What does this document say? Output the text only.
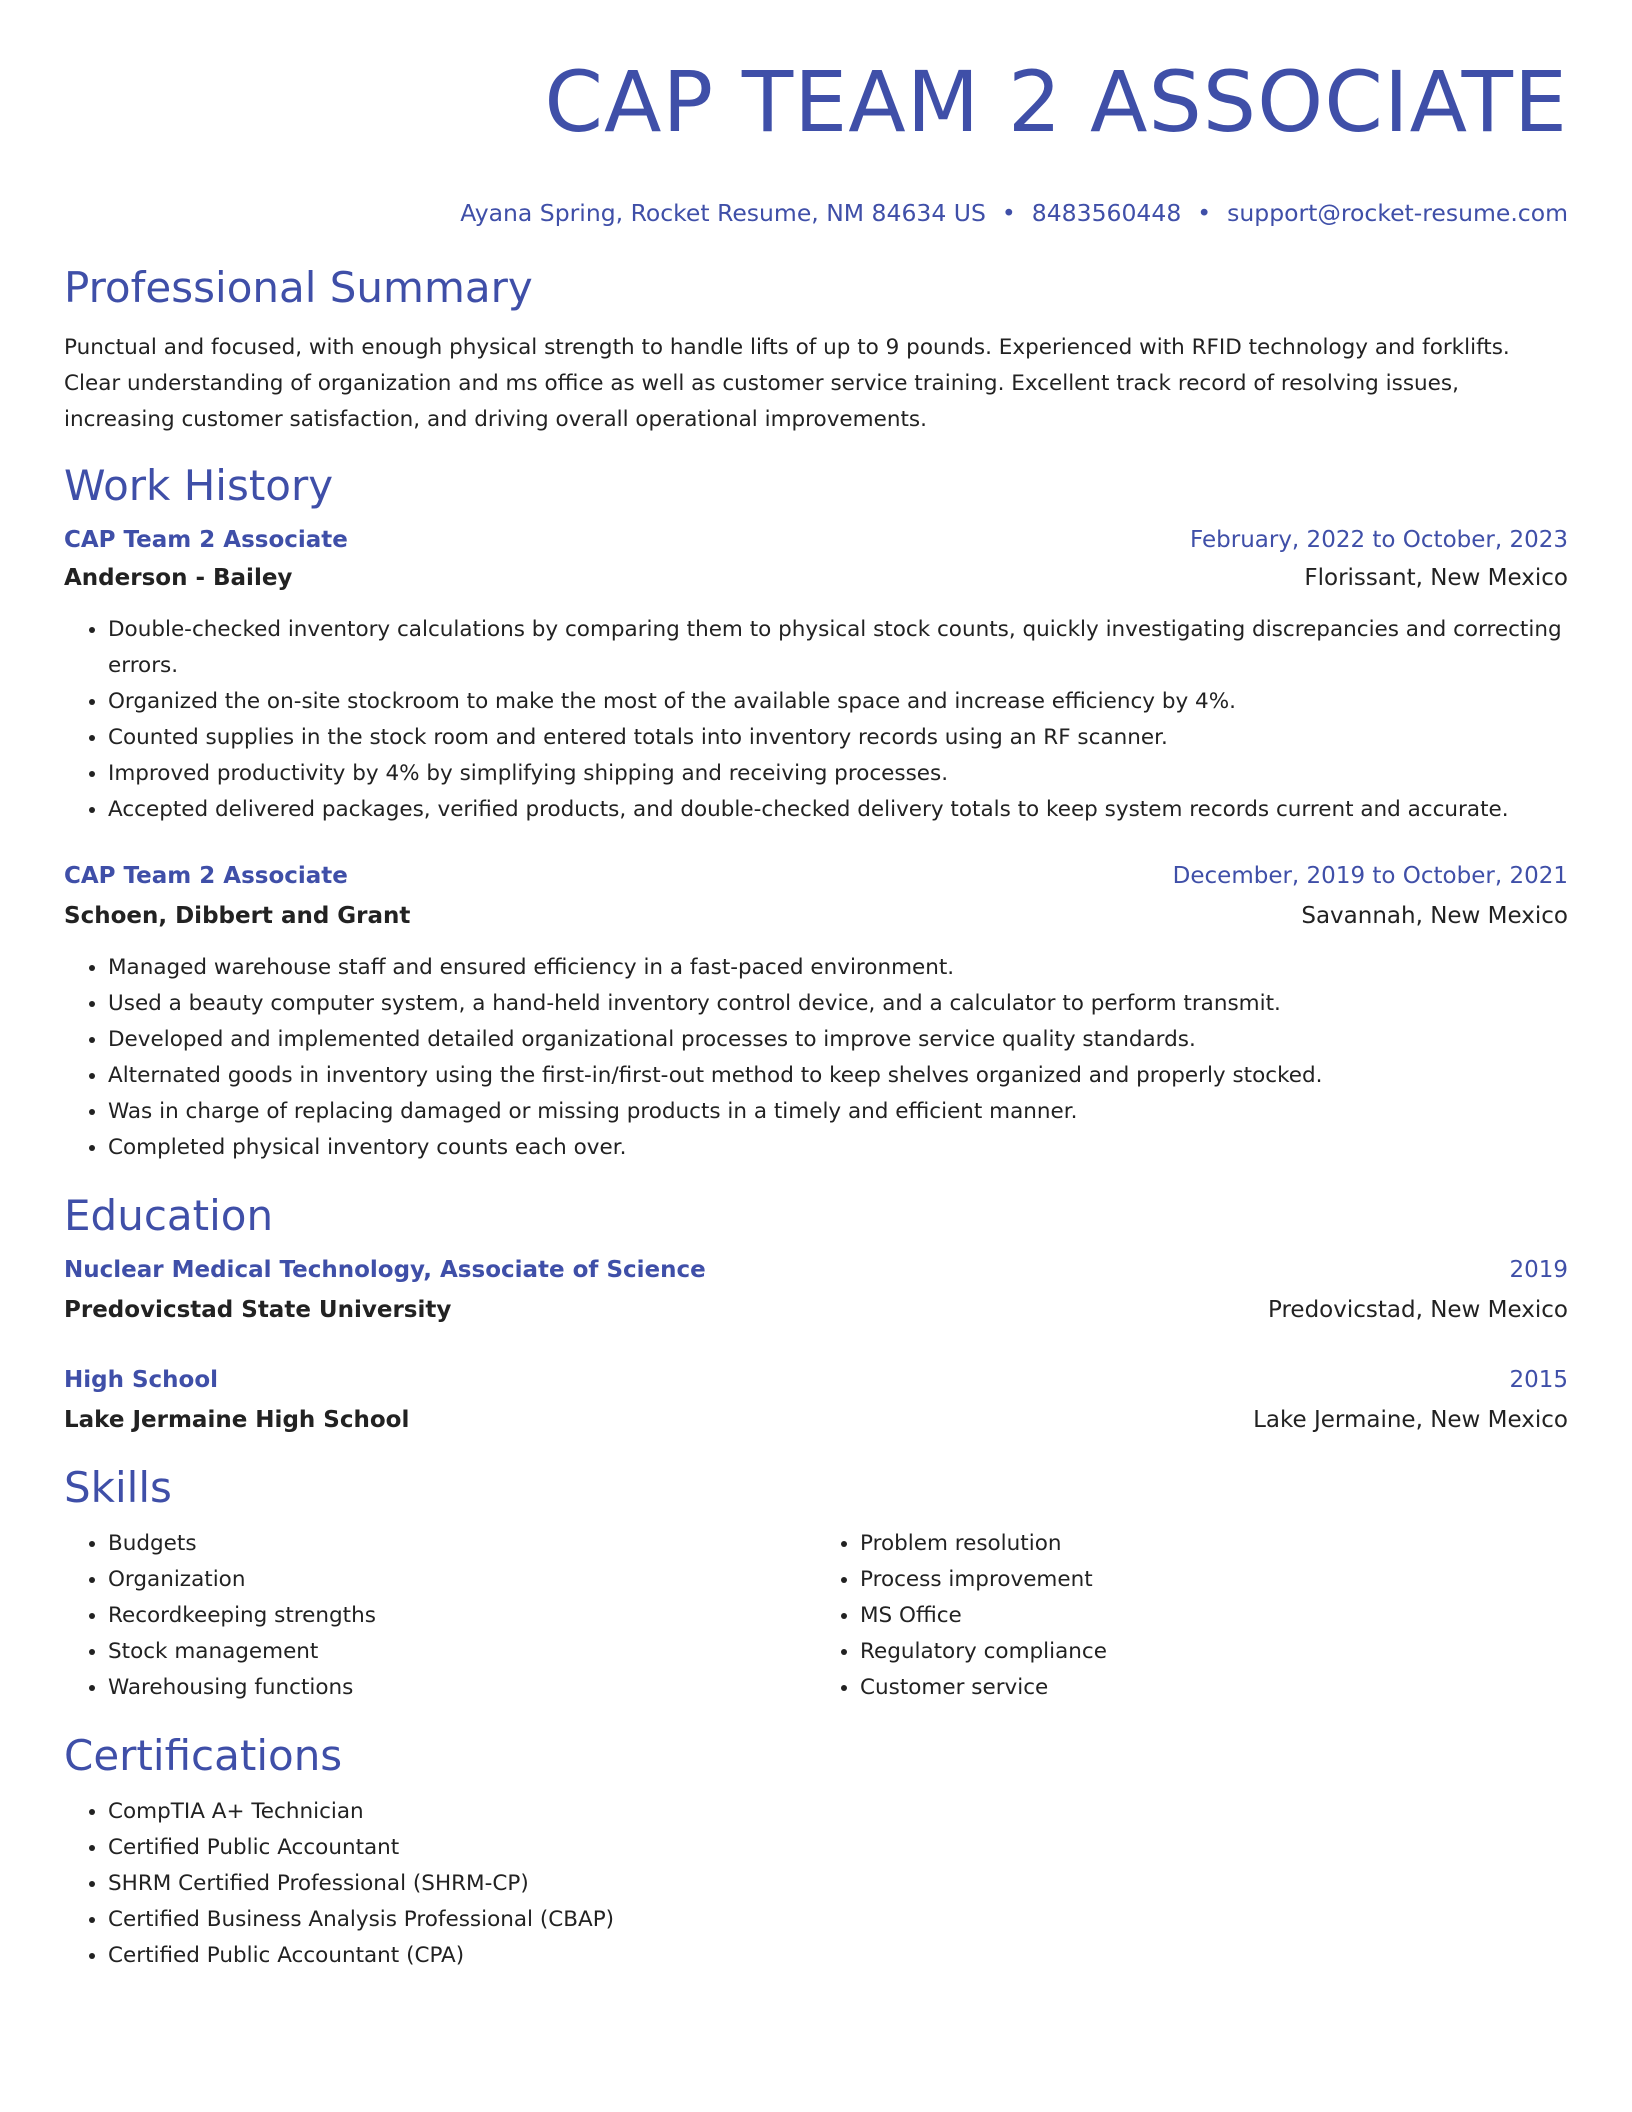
CAP TEAM 2 ASSOCIATE
Ayana Spring, Rocket Resume, NM 84634 US • 8483560448 • support@rocket-resume.com
Professional Summary

Punctual and focused, with enough physical strength to handle lifts of up to 9 pounds. Experienced with RFID technology and forklifts. Clear understanding of organization and ms office as well as customer service training. Excellent track record of resolving issues, increasing customer satisfaction, and driving overall operational improvements.

Work History
CAP Team 2 Associate	February, 2022 to October, 2023
Anderson - Bailey	Florissant, New Mexico
• Double-checked inventory calculations by comparing them to physical stock counts, quickly investigating discrepancies and correcting errors.
• Organized the on-site stockroom to make the most of the available space and increase efficiency by 4%.
• Counted supplies in the stock room and entered totals into inventory records using an RF scanner.
• Improved productivity by 4% by simplifying shipping and receiving processes.
• Accepted delivered packages, verified products, and double-checked delivery totals to keep system records current and accurate.
CAP Team 2 Associate	December, 2019 to October, 2021
Schoen, Dibbert and Grant	Savannah, New Mexico
• Managed warehouse staff and ensured efficiency in a fast-paced environment.
• Used a beauty computer system, a hand-held inventory control device, and a calculator to perform transmit.
• Developed and implemented detailed organizational processes to improve service quality standards.
• Alternated goods in inventory using the first-in/first-out method to keep shelves organized and properly stocked.
• Was in charge of replacing damaged or missing products in a timely and efficient manner.
• Completed physical inventory counts each over.
Education
Nuclear Medical Technology, Associate of Science	2019
Predovicstad State University	Predovicstad, New Mexico
High School	2015
Lake Jermaine High School	Lake Jermaine, New Mexico
Skills
• Budgets
• Organization
• Recordkeeping strengths
• Stock management
• Warehousing functions
• Problem resolution
• Process improvement
• MS Office
• Regulatory compliance
• Customer service
Certifications
• CompTIA A+ Technician
• Certified Public Accountant
• SHRM Certified Professional (SHRM-CP)
• Certified Business Analysis Professional (CBAP)
• Certified Public Accountant (CPA)
